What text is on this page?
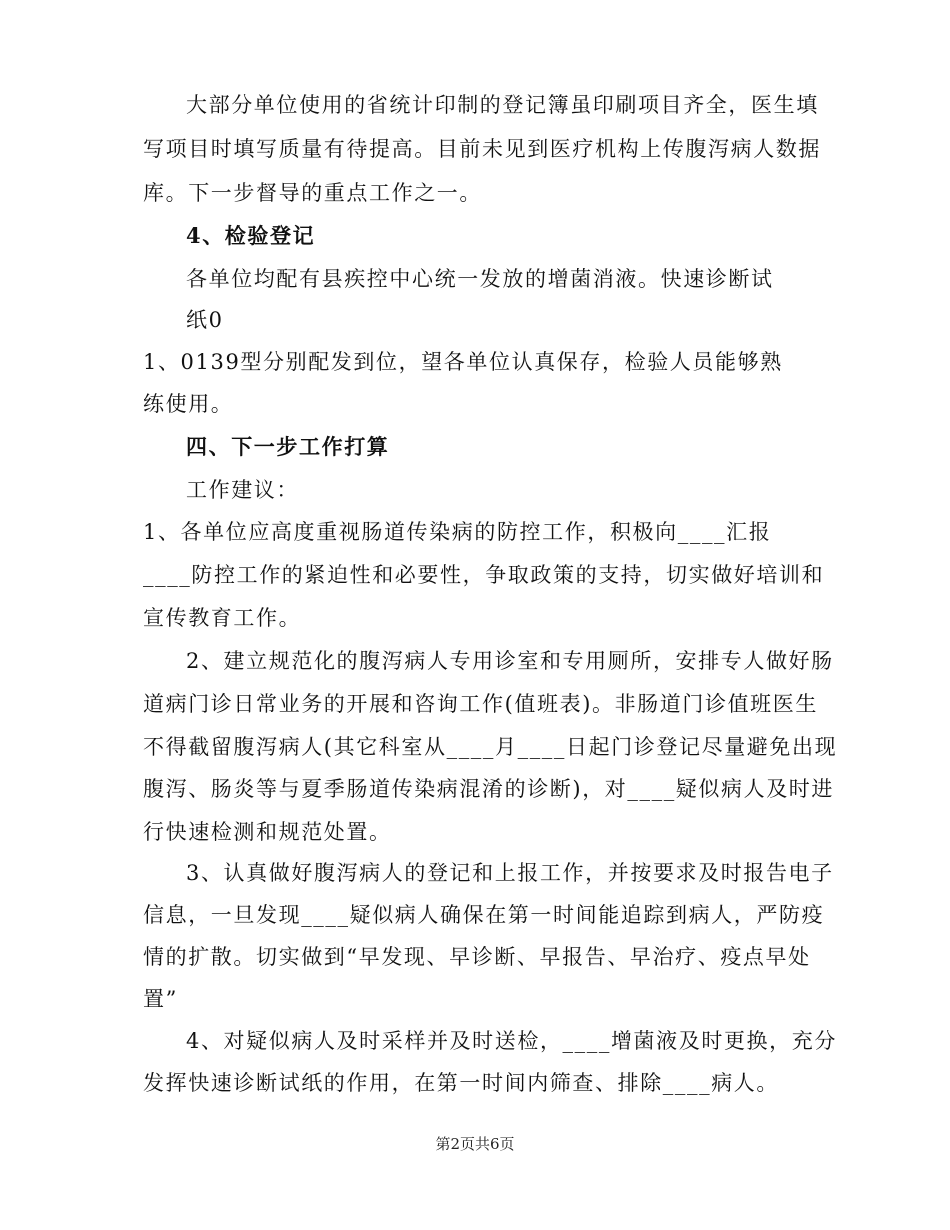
大部分单位使用的省统计印制的登记簿虽印刷项目齐全，医生填
写项目时填写质量有待提高。目前未见到医疗机构上传腹泻病人数据
库。下一步督导的重点工作之一。
4、检验登记
各单位均配有县疾控中心统一发放的增菌消液。快速诊断试
纸0
1、0139型分别配发到位，望各单位认真保存，检验人员能够熟
练使用。
四、下一步工作打算
工作建议：
1、各单位应高度重视肠道传染病的防控工作，积极向____汇报
____防控工作的紧迫性和必要性，争取政策的支持，切实做好培训和
宣传教育工作。
2、建立规范化的腹泻病人专用诊室和专用厕所，安排专人做好肠
道病门诊日常业务的开展和咨询工作(值班表)。非肠道门诊值班医生
不得截留腹泻病人(其它科室从____月____日起门诊登记尽量避免出现
腹泻、肠炎等与夏季肠道传染病混淆的诊断)，对____疑似病人及时进
行快速检测和规范处置。
3、认真做好腹泻病人的登记和上报工作，并按要求及时报告电子
信息，一旦发现____疑似病人确保在第一时间能追踪到病人，严防疫
情的扩散。切实做到“早发现、早诊断、早报告、早治疗、疫点早处
置”
4、对疑似病人及时采样并及时送检，____增菌液及时更换，充分
发挥快速诊断试纸的作用，在第一时间内筛查、排除____病人。
第2页共6页
